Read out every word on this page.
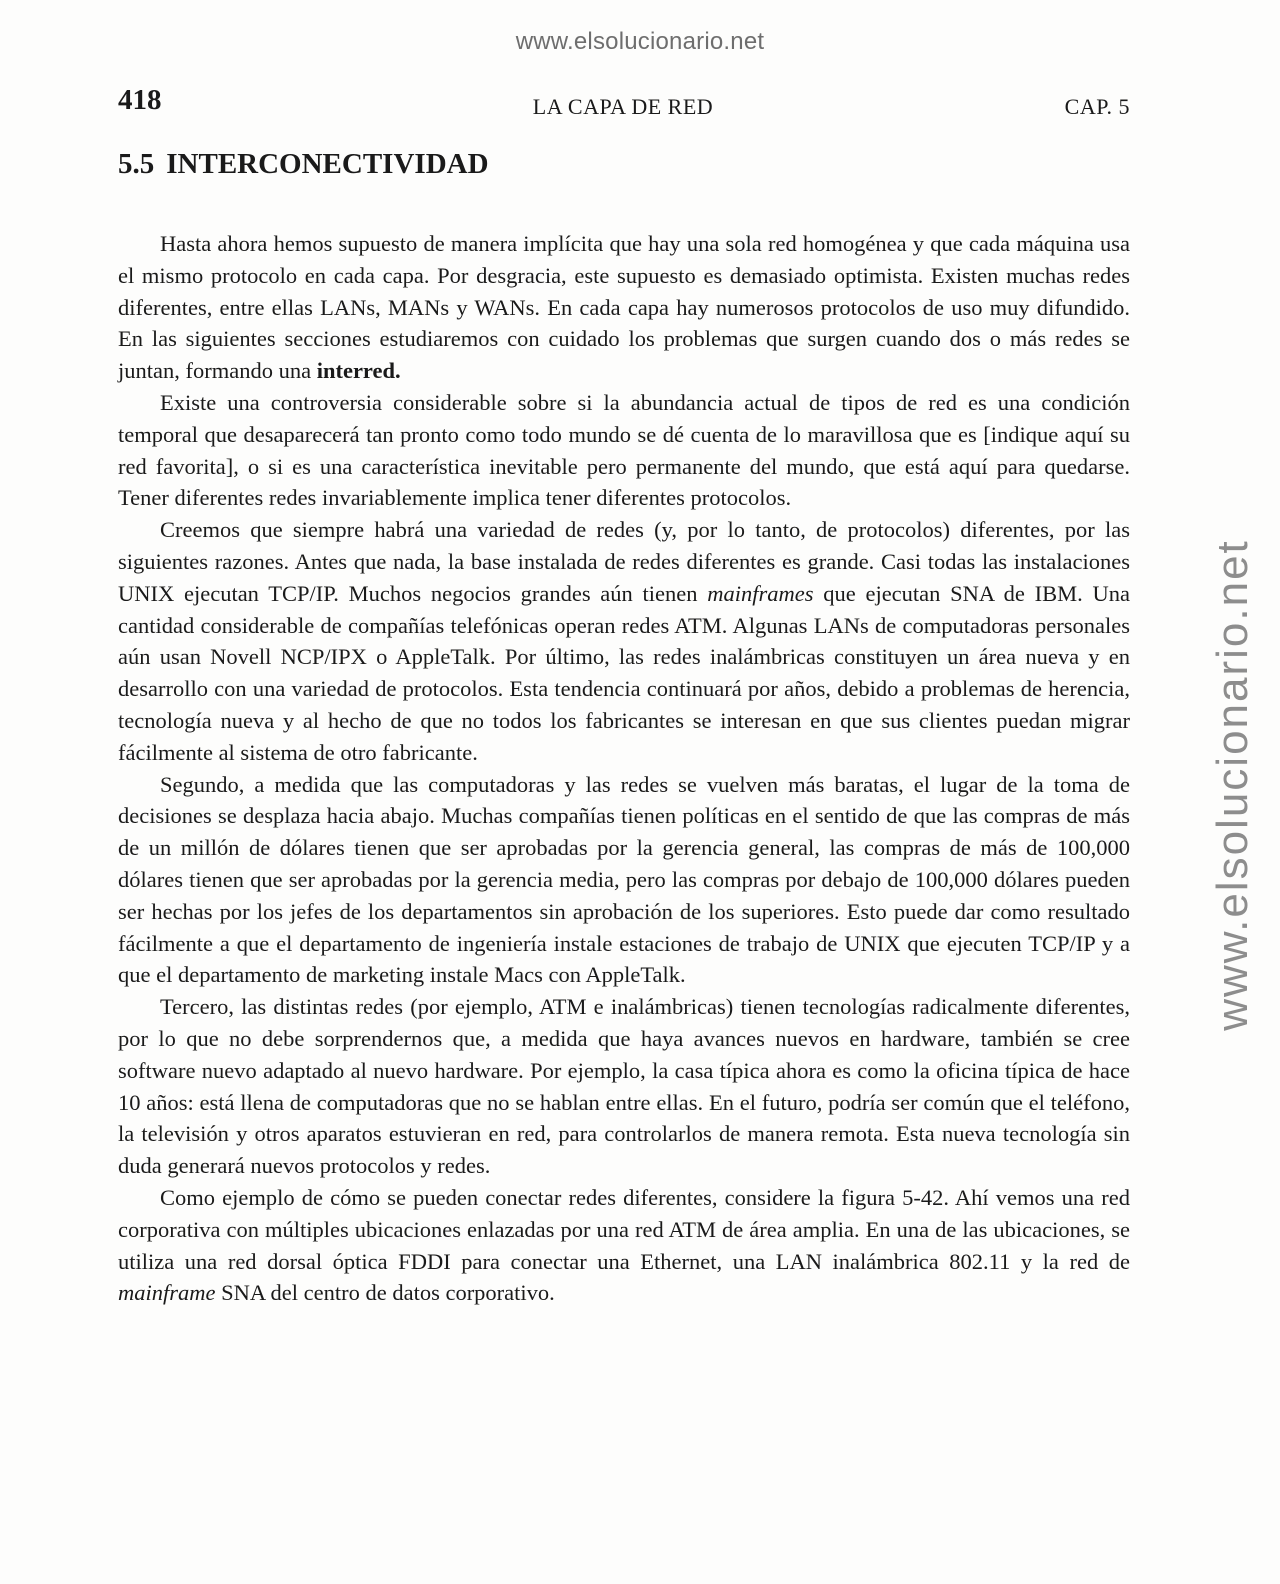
www.elsolucionario.net
www.elsolucionario.net
418	LA CAPA DE RED	CAP. 5
5.5 INTERCONECTIVIDAD

Hasta ahora hemos supuesto de manera implícita que hay una sola red homogénea y que cada máquina usa el mismo protocolo en cada capa. Por desgracia, este supuesto es demasiado optimista. Existen muchas redes diferentes, entre ellas LANs, MANs y WANs. En cada capa hay numerosos protocolos de uso muy difundido. En las siguientes secciones estudiaremos con cuidado los problemas que surgen cuando dos o más redes se juntan, formando una interred.

Existe una controversia considerable sobre si la abundancia actual de tipos de red es una condición temporal que desaparecerá tan pronto como todo mundo se dé cuenta de lo maravillosa que es [indique aquí su red favorita], o si es una característica inevitable pero permanente del mundo, que está aquí para quedarse. Tener diferentes redes invariablemente implica tener diferentes protocolos.

Creemos que siempre habrá una variedad de redes (y, por lo tanto, de protocolos) diferentes, por las siguientes razones. Antes que nada, la base instalada de redes diferentes es grande. Casi todas las instalaciones UNIX ejecutan TCP/IP. Muchos negocios grandes aún tienen mainframes que ejecutan SNA de IBM. Una cantidad considerable de compañías telefónicas operan redes ATM. Algunas LANs de computadoras personales aún usan Novell NCP/IPX o AppleTalk. Por último, las redes inalámbricas constituyen un área nueva y en desarrollo con una variedad de protocolos. Esta tendencia continuará por años, debido a problemas de herencia, tecnología nueva y al hecho de que no todos los fabricantes se interesan en que sus clientes puedan migrar fácilmente al sistema de otro fabricante.

Segundo, a medida que las computadoras y las redes se vuelven más baratas, el lugar de la toma de decisiones se desplaza hacia abajo. Muchas compañías tienen políticas en el sentido de que las compras de más de un millón de dólares tienen que ser aprobadas por la gerencia general, las compras de más de 100,000 dólares tienen que ser aprobadas por la gerencia media, pero las compras por debajo de 100,000 dólares pueden ser hechas por los jefes de los departamentos sin aprobación de los superiores. Esto puede dar como resultado fácilmente a que el departamento de ingeniería instale estaciones de trabajo de UNIX que ejecuten TCP/IP y a que el departamento de marketing instale Macs con AppleTalk.

Tercero, las distintas redes (por ejemplo, ATM e inalámbricas) tienen tecnologías radicalmente diferentes, por lo que no debe sorprendernos que, a medida que haya avances nuevos en hardware, también se cree software nuevo adaptado al nuevo hardware. Por ejemplo, la casa típica ahora es como la oficina típica de hace 10 años: está llena de computadoras que no se hablan entre ellas. En el futuro, podría ser común que el teléfono, la televisión y otros aparatos estuvieran en red, para controlarlos de manera remota. Esta nueva tecnología sin duda generará nuevos protocolos y redes.

Como ejemplo de cómo se pueden conectar redes diferentes, considere la figura 5-42. Ahí vemos una red corporativa con múltiples ubicaciones enlazadas por una red ATM de área amplia. En una de las ubicaciones, se utiliza una red dorsal óptica FDDI para conectar una Ethernet, una LAN inalámbrica 802.11 y la red de mainframe SNA del centro de datos corporativo.
